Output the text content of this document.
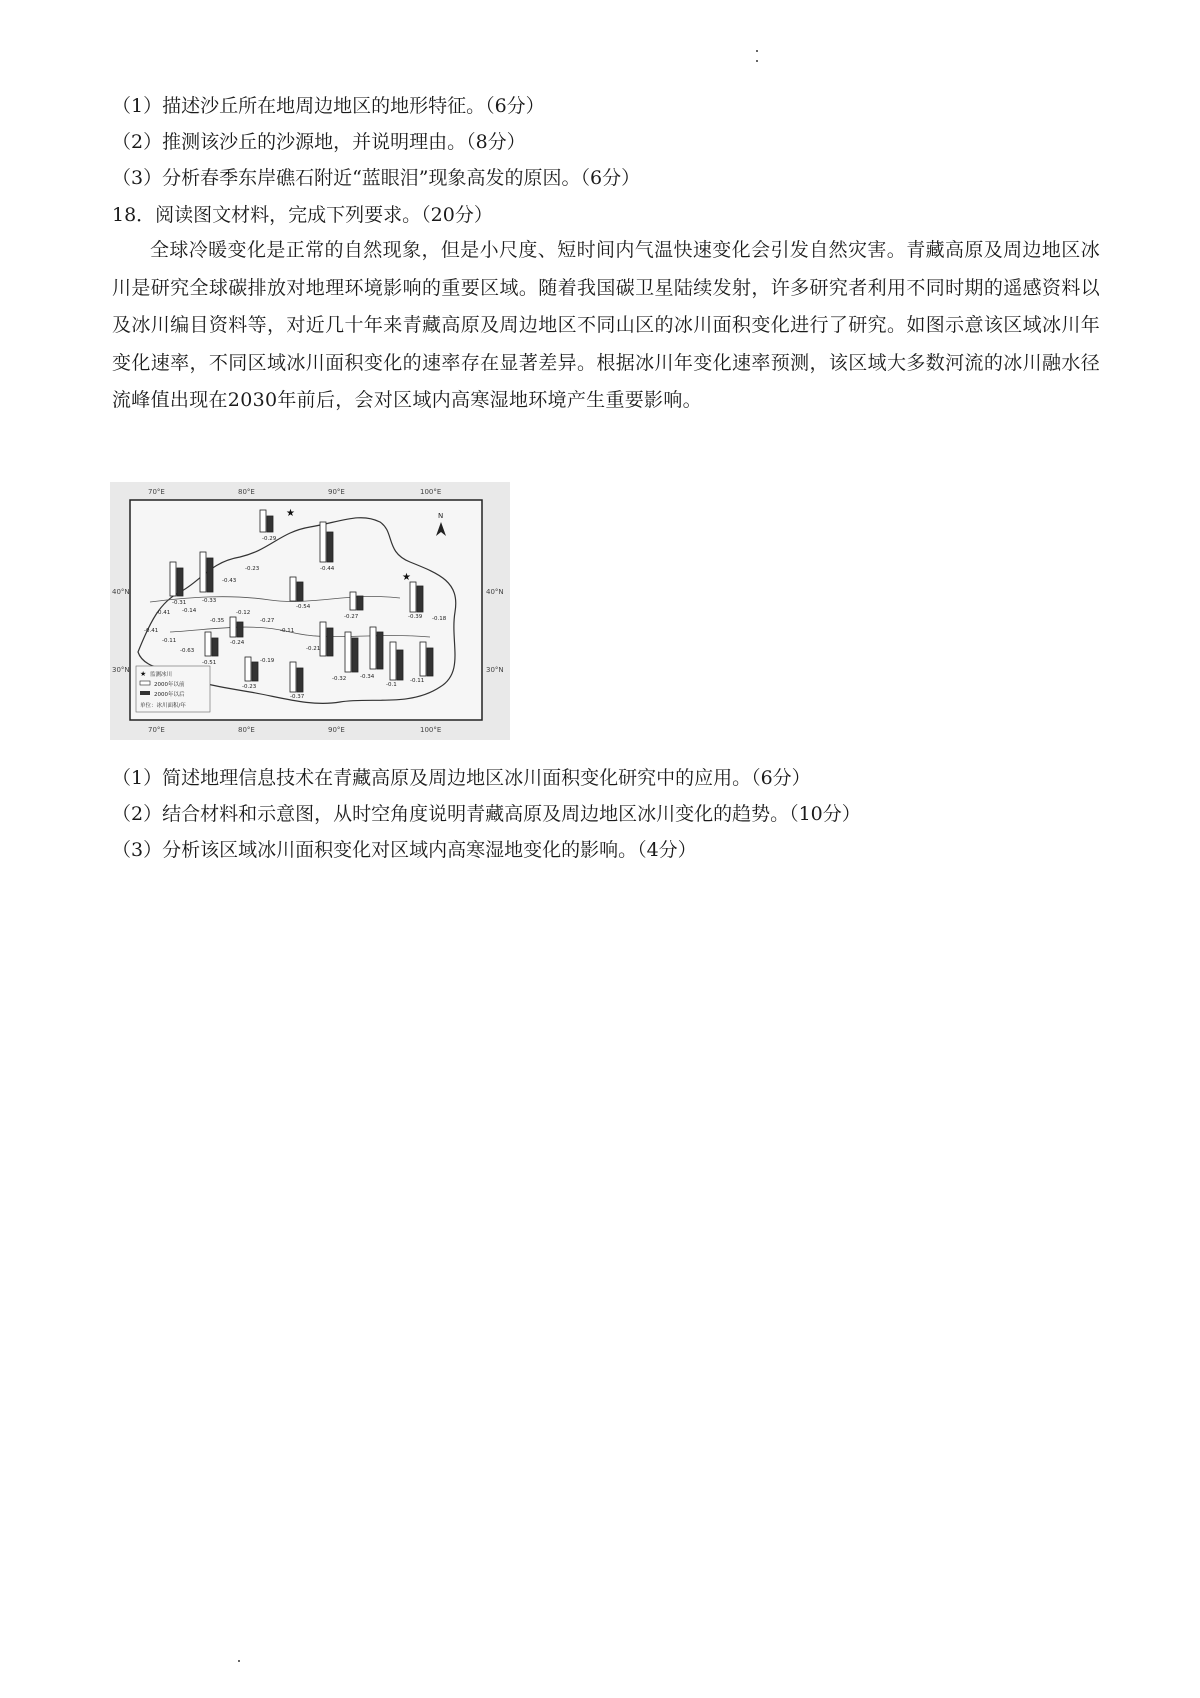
（1）描述沙丘所在地周边地区的地形特征。（6分）
（2）推测该沙丘的沙源地，并说明理由。（8分）
（3）分析春季东岸礁石附近“蓝眼泪”现象高发的原因。（6分）
18．阅读图文材料，完成下列要求。（20分）
全球冷暖变化是正常的自然现象，但是小尺度、短时间内气温快速变化会引发自然灾害。青藏高原及周边地区冰川是研究全球碳排放对地理环境影响的重要区域。随着我国碳卫星陆续发射，许多研究者利用不同时期的遥感资料以及冰川编目资料等，对近几十年来青藏高原及周边地区不同山区的冰川面积变化进行了研究。如图示意该区域冰川年变化速率，不同区域冰川面积变化的速率存在显著差异。根据冰川年变化速率预测，该区域大多数河流的冰川融水径流峰值出现在2030年前后，会对区域内高寒湿地环境产生重要影响。
70°E	80°E	90°E	100°E
40°N
30°N
40°N
30°N
70°E	80°E	90°E	100°E
N
-0.29
-0.44
-0.33
-0.31
-0.23
-0.43
-0.54
-0.41 -0.14
-0.35
-0.41
-0.11
-0.63
-0.12
-0.27
-0.11
-0.27	-0.39
-0.24
-0.51	-0.19
-0.21
-0.32
-0.23
-0.37
-0.34
-0.1
-0.11
-0.18
★
★
★ 监测冰川
2000年以前
2000年以后
单位：冰川面积/年
（1）简述地理信息技术在青藏高原及周边地区冰川面积变化研究中的应用。（6分）
（2）结合材料和示意图，从时空角度说明青藏高原及周边地区冰川变化的趋势。（10分）
（3）分析该区域冰川面积变化对区域内高寒湿地变化的影响。（4分）
